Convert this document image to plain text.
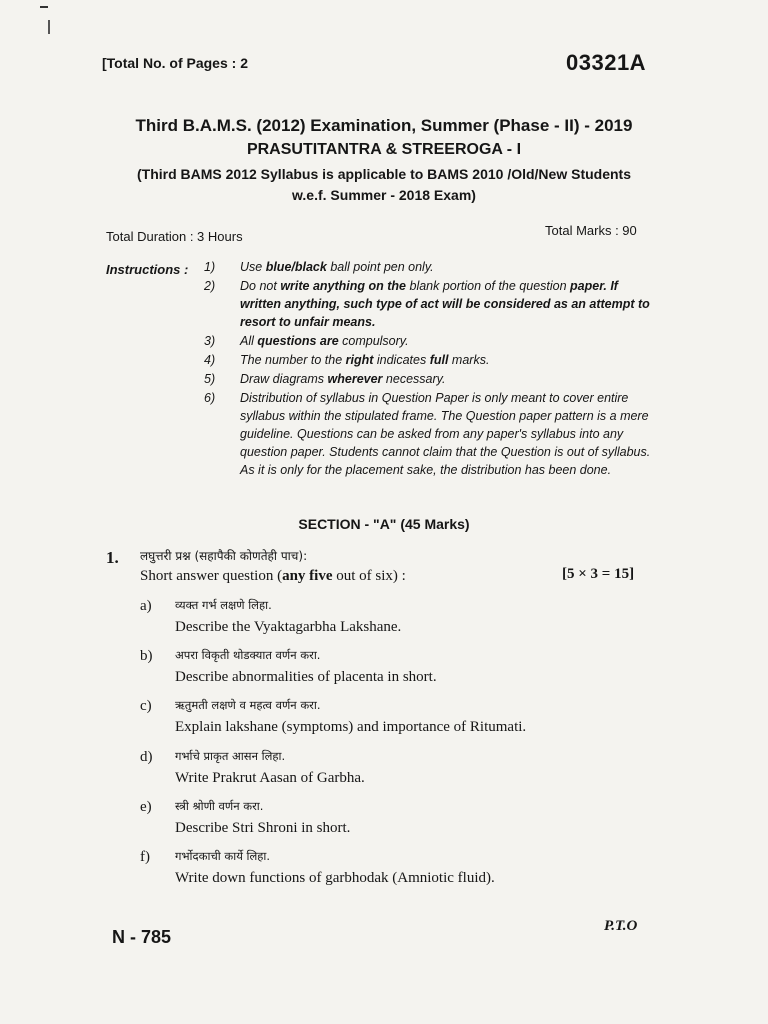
[Total No. of Pages : 2	03321A
Third B.A.M.S. (2012) Examination, Summer (Phase - II) - 2019
PRASUTITANTRA & STREEROGA - I
(Third BAMS 2012 Syllabus is applicable to BAMS 2010 /Old/New Students
w.e.f. Summer - 2018 Exam)
Total Duration : 3 Hours	Total Marks : 90
Instructions : 1)	Use blue/black ball point pen only.
2)	Do not write anything on the blank portion of the question paper. If written anything, such type of act will be considered as an attempt to resort to unfair means.
3)	All questions are compulsory.
4)	The number to the right indicates full marks.
5)	Draw diagrams wherever necessary.
6)	Distribution of syllabus in Question Paper is only meant to cover entire syllabus within the stipulated frame. The Question paper pattern is a mere guideline. Questions can be asked from any paper's syllabus into any question paper. Students cannot claim that the Question is out of syllabus. As it is only for the placement sake, the distribution has been done.
SECTION - "A" (45 Marks)
1. लघुत्तरी प्रश्न (सहापैकी कोणतेही पाच):
Short answer question (any five out of six) :	[5 × 3 = 15]
a) व्यक्त गर्भ लक्षणे लिहा.
Describe the Vyaktagarbha Lakshane.
b) अपरा विकृती थोडक्यात वर्णन करा.
Describe abnormalities of placenta in short.
c) ऋतुमती लक्षणे व महत्व वर्णन करा.
Explain lakshane (symptoms) and importance of Ritumati.
d) गर्भाचे प्राकृत आसन लिहा.
Write Prakrut Aasan of Garbha.
e) स्त्री श्रोणी वर्णन करा.
Describe Stri Shroni in short.
f) गर्भोदकाची कार्ये लिहा.
Write down functions of garbhodak (Amniotic fluid).
N - 785
P.T.O
